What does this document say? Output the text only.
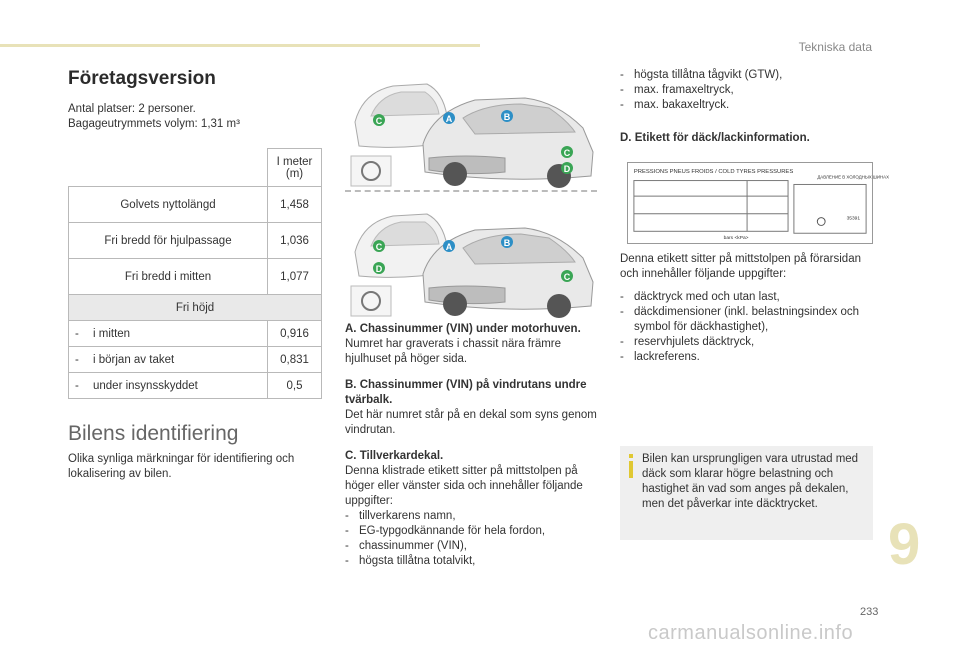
Tekniska data
Företagsversion
Antal platser: 2 personer.
Bagageutrymmets volym: 1,31 m³
	I meter (m)
Golvets nyttolängd	1,458
Fri bredd för hjulpassage	1,036
Fri bredd i mitten	1,077
Fri höjd	
- i mitten	0,916
- i början av taket	0,831
- under insynsskyddet	0,5
Bilens identifiering
Olika synliga märkningar för identifiering och lokalisering av bilen.
C	A	B
C
D
C
D
A	B
C
A. Chassinummer (VIN) under motorhuven.
Numret har graverats i chassit nära främre hjulhuset på höger sida.
B. Chassinummer (VIN) på vindrutans undre tvärbalk.
Det här numret står på en dekal som syns genom vindrutan.
C. Tillverkardekal.
Denna klistrade etikett sitter på mittstolpen på höger eller vänster sida och innehåller följande uppgifter:
- tillverkarens namn,
- EG-typgodkännande för hela fordon,
- chassinummer (VIN),
- högsta tillåtna totalvikt,
- högsta tillåtna tågvikt (GTW),
- max. framaxeltryck,
- max. bakaxeltryck.
D. Etikett för däck/lackinformation.
PRESSIONS PNEUS FROIDS / COLD TYRES PRESSURES
ДАВЛЕНИЕ В ХОЛОДНЫХ ШИНАХ
bars <kPa>
35391
Denna etikett sitter på mittstolpen på förarsidan och innehåller följande uppgifter:
- däcktryck med och utan last,
- däckdimensioner (inkl. belastningsindex och symbol för däckhastighet),
- reservhjulets däcktryck,
- lackreferens.
Bilen kan ursprungligen vara utrustad med däck som klarar högre belastning och hastighet än vad som anges på dekalen, men det påverkar inte däcktrycket.
9
233
carmanualsonline.info
